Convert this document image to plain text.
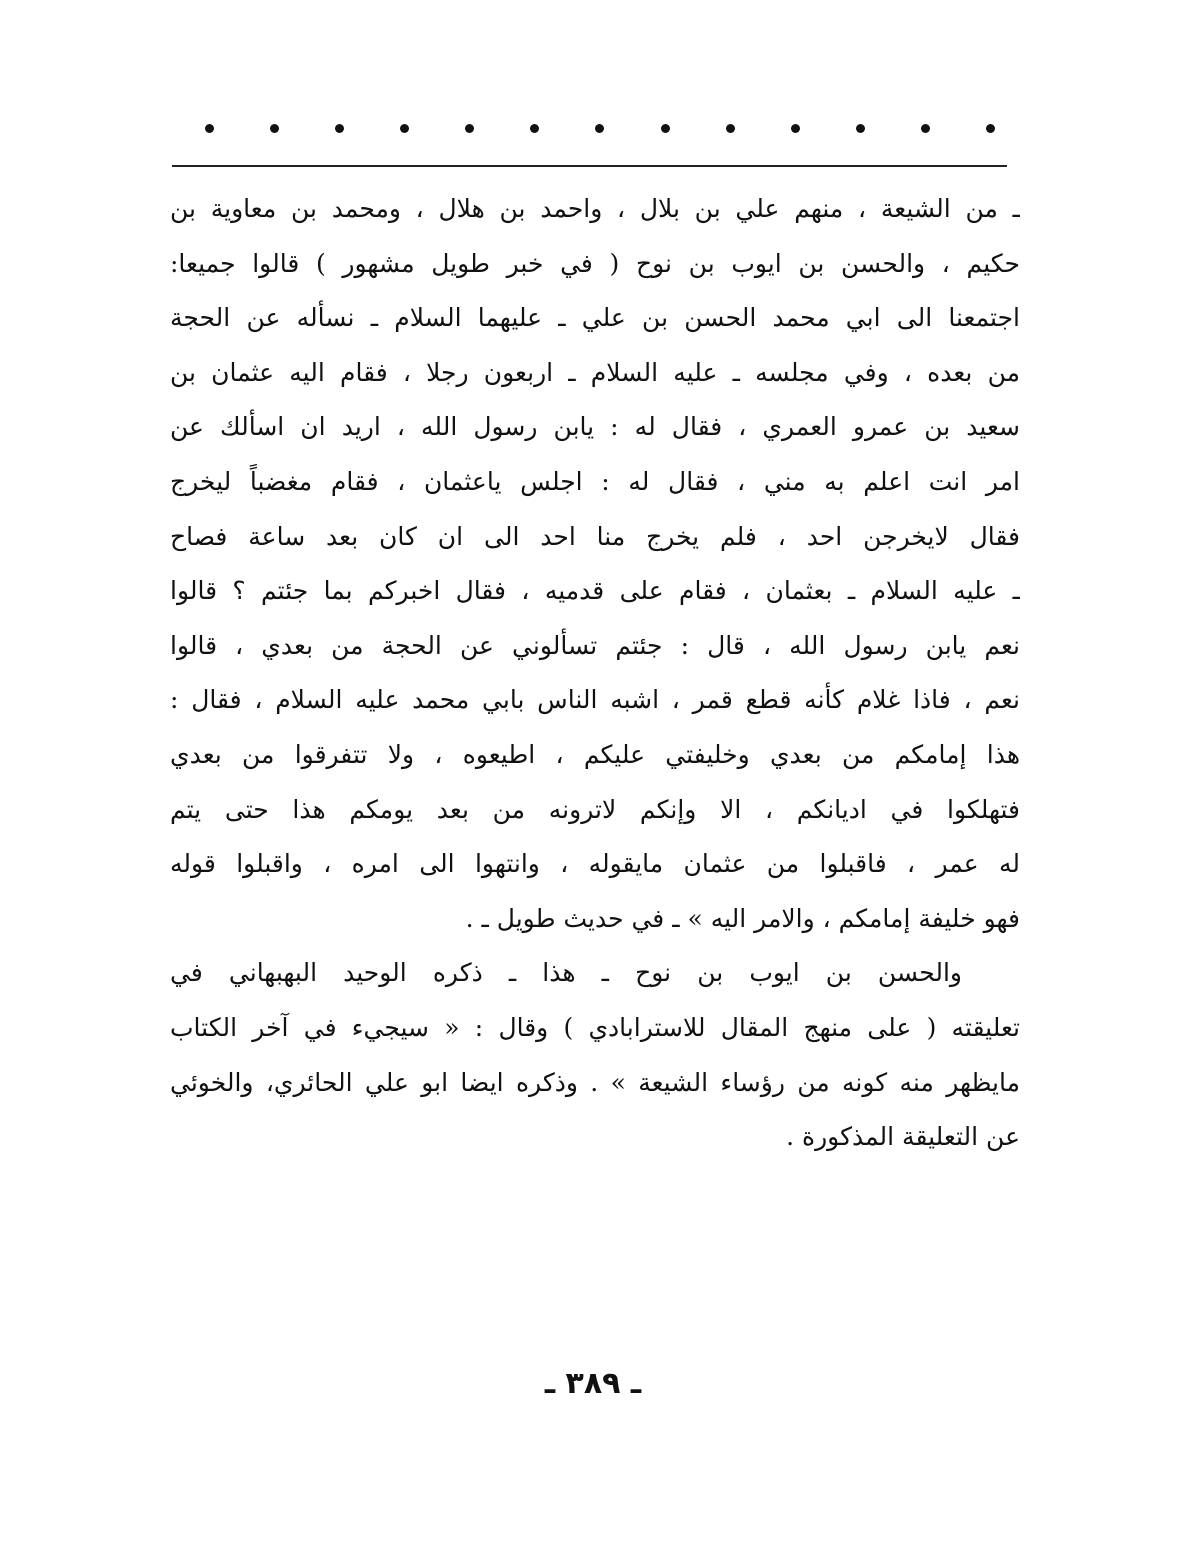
ـ من الشيعة ، منهم علي بن بلال ، واحمد بن هلال ، ومحمد بن معاوية بن
حكيم ، والحسن بن ايوب بن نوح ( في خبر طويل مشهور ) قالوا جميعا:
اجتمعنا الى ابي محمد الحسن بن علي ـ عليهما السلام ـ نسأله عن الحجة
من بعده ، وفي مجلسه ـ عليه السلام ـ اربعون رجلا ، فقام اليه عثمان بن
سعيد بن عمرو العمري ، فقال له : يابن رسول الله ، اريد ان اسألك عن
امر انت اعلم به مني ، فقال له : اجلس ياعثمان ، فقام مغضباً ليخرج
فقال لايخرجن احد ، فلم يخرج منا احد الى ان كان بعد ساعة فصاح
ـ عليه السلام ـ بعثمان ، فقام على قدميه ، فقال اخبركم بما جئتم ؟ قالوا
نعم يابن رسول الله ، قال : جئتم تسألوني عن الحجة من بعدي ، قالوا
نعم ، فاذا غلام كأنه قطع قمر ، اشبه الناس بابي محمد عليه السلام ، فقال :
هذا إمامكم من بعدي وخليفتي عليكم ، اطيعوه ، ولا تتفرقوا من بعدي
فتهلكوا في اديانكم ، الا وإنكم لاترونه من بعد يومكم هذا حتى يتم
له عمر ، فاقبلوا من عثمان مايقوله ، وانتهوا الى امره ، واقبلوا قوله
فهو خليفة إمامكم ، والامر اليه » ـ في حديث طويل ـ .
والحسن بن ايوب بن نوح ـ هذا ـ ذكره الوحيد البهبهاني في
تعليقته ( على منهج المقال للاسترابادي ) وقال : « سيجيء في آخر الكتاب
مايظهر منه كونه من رؤساء الشيعة » . وذكره ايضا ابو علي الحائري، والخوئي
عن التعليقة المذكورة .
ـ ٣٨٩ ـ
